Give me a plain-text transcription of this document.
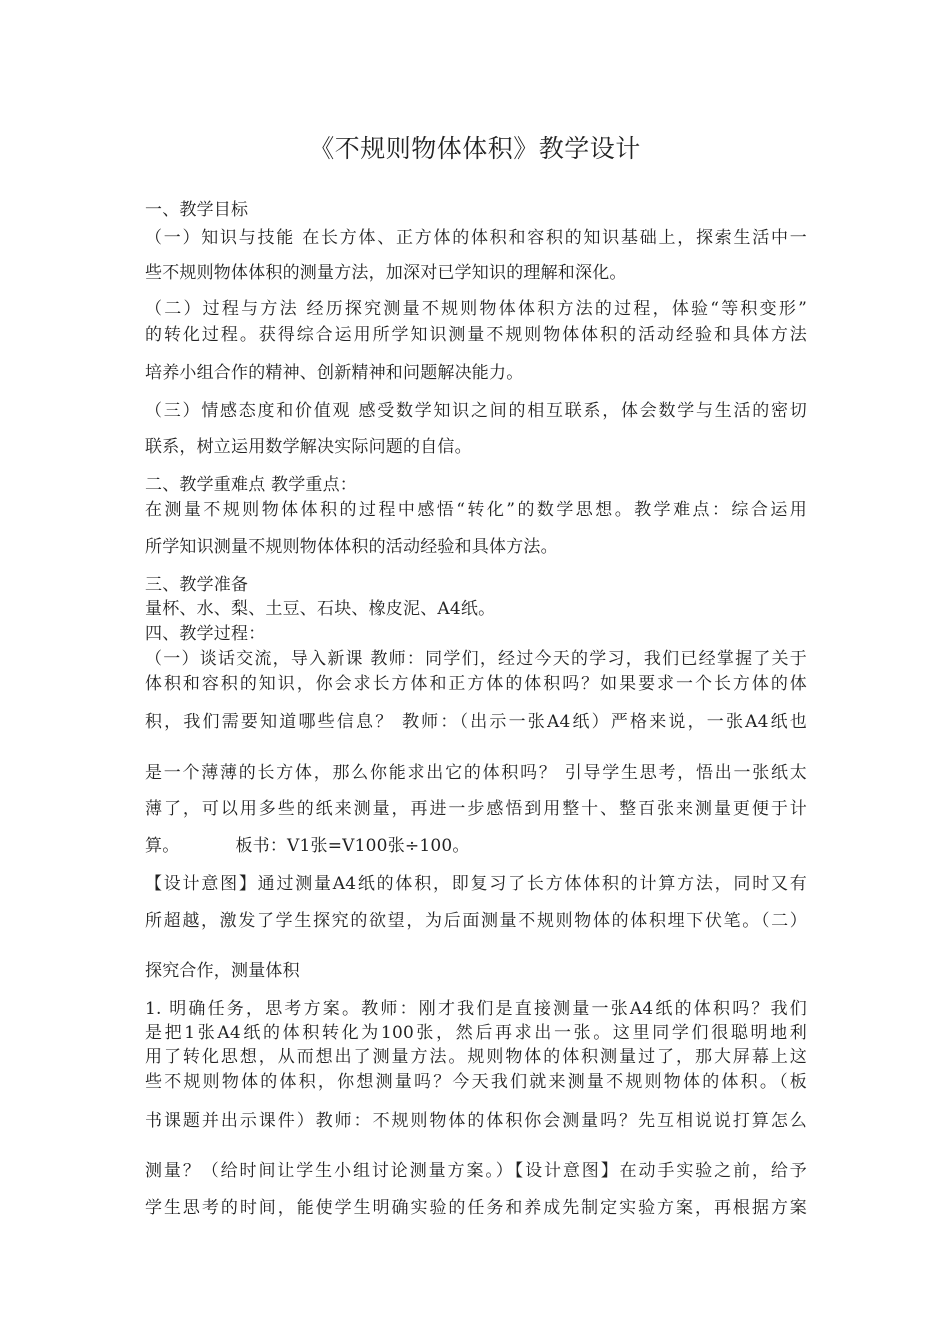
《不规则物体体积》教学设计
一、教学目标
（一）知识与技能 在长方体、正方体的体积和容积的知识基础上，探索生活中一
些不规则物体体积的测量方法，加深对已学知识的理解和深化。
（二）过程与方法 经历探究测量不规则物体体积方法的过程，体验“等积变形”
的转化过程。获得综合运用所学知识测量不规则物体体积的活动经验和具体方法
培养小组合作的精神、创新精神和问题解决能力。
（三）情感态度和价值观 感受数学知识之间的相互联系，体会数学与生活的密切
联系，树立运用数学解决实际问题的自信。
二、教学重难点 教学重点：
在测量不规则物体体积的过程中感悟“转化”的数学思想。教学难点：综合运用
所学知识测量不规则物体体积的活动经验和具体方法。
三、教学准备
量杯、水、梨、土豆、石块、橡皮泥、A4纸。
四、教学过程：
（一）谈话交流，导入新课 教师：同学们，经过今天的学习，我们已经掌握了关于
体积和容积的知识，你会求长方体和正方体的体积吗？如果要求一个长方体的体
积，我们需要知道哪些信息？ 教师：（出示一张A4纸）严格来说，一张A4纸也
是一个薄薄的长方体，那么你能求出它的体积吗？ 引导学生思考，悟出一张纸太
薄了，可以用多些的纸来测量，再进一步感悟到用整十、整百张来测量更便于计
算。          板书：V1张=V100张÷100。
【设计意图】通过测量A4纸的体积，即复习了长方体体积的计算方法，同时又有
所超越，激发了学生探究的欲望，为后面测量不规则物体的体积埋下伏笔。（二）
探究合作，测量体积
1. 明确任务，思考方案。教师：刚才我们是直接测量一张A4纸的体积吗？我们
是把1张A4纸的体积转化为100张，然后再求出一张。这里同学们很聪明地利
用了转化思想，从而想出了测量方法。规则物体的体积测量过了，那大屏幕上这
些不规则物体的体积，你想测量吗？今天我们就来测量不规则物体的体积。（板
书课题并出示课件）教师：不规则物体的体积你会测量吗？先互相说说打算怎么
测量？（给时间让学生小组讨论测量方案。）【设计意图】在动手实验之前，给予
学生思考的时间，能使学生明确实验的任务和养成先制定实验方案，再根据方案
